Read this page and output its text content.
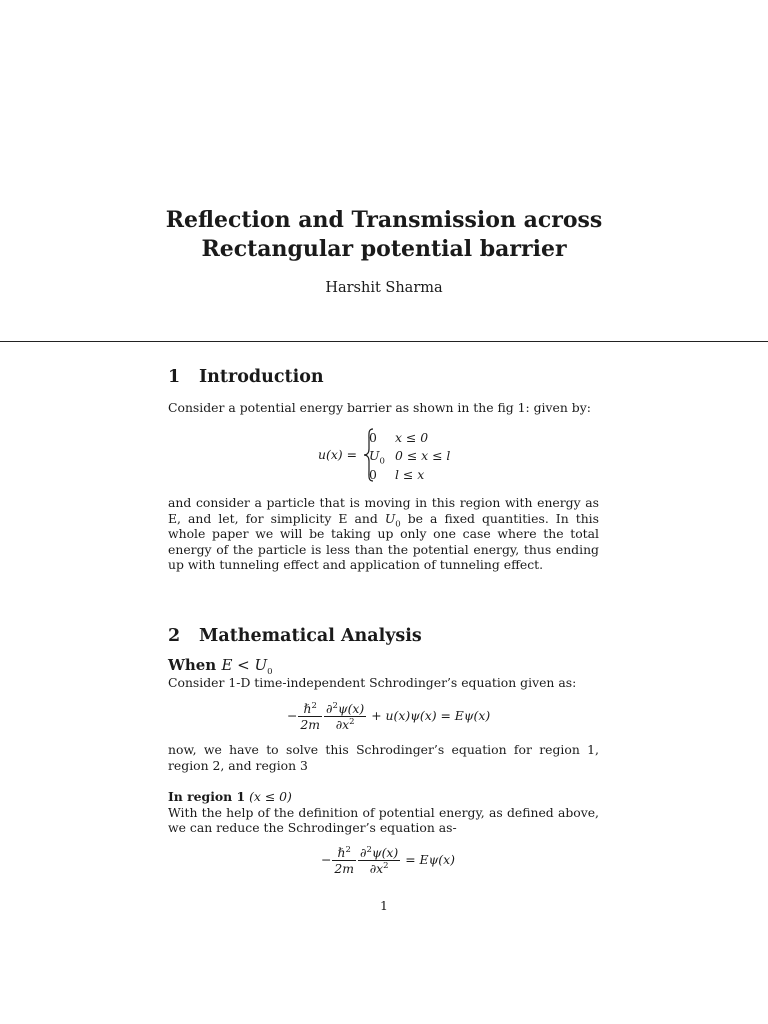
Reflection and Transmission across
Rectangular potential barrier
Harshit Sharma
1 Introduction

Consider a potential energy barrier as shown in the fig 1: given by:

u(x) =
0 x ≤ 0
$U_0$ 0 ≤ x ≤ l
0 l ≤ x

and consider a particle that is moving in this region with energy as E, and let, for simplicity E and $U_0$ be a fixed quantities. In this whole paper we will be taking up only one case where the total energy of the particle is less than the potential energy, thus ending up with tunneling effect and application of tunneling effect.

2 Mathematical Analysis
When $E < U_0$

Consider 1-D time-independent Schrodinger’s equation given as:

− $\frac{\hbar^2}{2m} \frac{\partial^2\psi(x)}{\partial x^2} + u(x)\psi(x) = E\psi(x)$

now, we have to solve this Schrodinger’s equation for region 1, region 2, and region 3

In region 1 (x ≤ 0)

With the help of the definition of potential energy, as defined above, we can reduce the Schrodinger’s equation as-

− $\frac{\hbar^2}{2m} \frac{\partial^2\psi(x)}{\partial x^2} = E\psi(x)$
1
